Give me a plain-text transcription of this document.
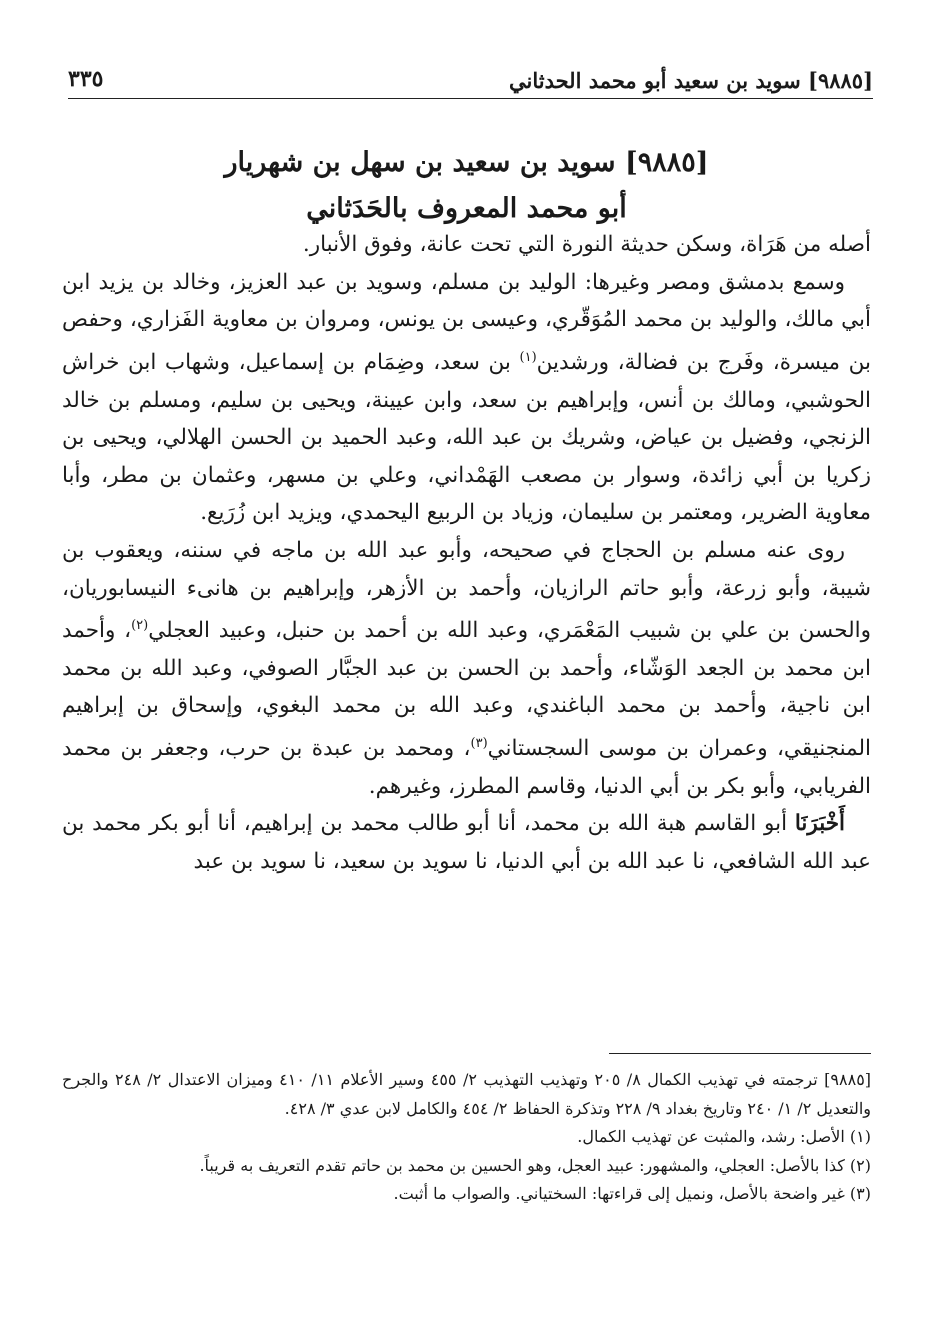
[٩٨٨٥] سويد بن سعيد أبو محمد الحدثاني
٣٣٥
[٩٨٨٥] سويد بن سعيد بن سهل بن شهريار
أبو محمد المعروف بالحَدَثاني

أصله من هَرَاة، وسكن حديثة النورة التي تحت عانة، وفوق الأنبار.

وسمع بدمشق ومصر وغيرها: الوليد بن مسلم، وسويد بن عبد العزيز، وخالد بن يزيد ابن أبي مالك، والوليد بن محمد المُوَقّري، وعيسى بن يونس، ومروان بن معاوية الفَزاري، وحفص بن ميسرة، وفَرج بن فضالة، ورشدين$^{(١)}$ بن سعد، وضِمَام بن إسماعيل، وشهاب ابن خراش الحوشبي، ومالك بن أنس، وإبراهيم بن سعد، وابن عيينة، ويحيى بن سليم، ومسلم بن خالد الزنجي، وفضيل بن عياض، وشريك بن عبد الله، وعبد الحميد بن الحسن الهلالي، ويحيى بن زكريا بن أبي زائدة، وسوار بن مصعب الهَمْداني، وعلي بن مسهر، وعثمان بن مطر، وأبا معاوية الضرير، ومعتمر بن سليمان، وزياد بن الربيع اليحمدي، ويزيد ابن زُرَيع.

روى عنه مسلم بن الحجاج في صحيحه، وأبو عبد الله بن ماجه في سننه، ويعقوب بن شيبة، وأبو زرعة، وأبو حاتم الرازيان، وأحمد بن الأزهر، وإبراهيم بن هانىء النيسابوريان، والحسن بن علي بن شبيب المَعْمَري، وعبد الله بن أحمد بن حنبل، وعبيد العجلي$^{(٢)}$، وأحمد ابن محمد بن الجعد الوَشّاء، وأحمد بن الحسن بن عبد الجبَّار الصوفي، وعبد الله بن محمد ابن ناجية، وأحمد بن محمد الباغندي، وعبد الله بن محمد البغوي، وإسحاق بن إبراهيم المنجنيقي، وعمران بن موسى السجستاني$^{(٣)}$، ومحمد بن عبدة بن حرب، وجعفر بن محمد الفريابي، وأبو بكر بن أبي الدنيا، وقاسم المطرز، وغيرهم.

أَخْبَرَنَا أبو القاسم هبة الله بن محمد، أنا أبو طالب محمد بن إبراهيم، أنا أبو بكر محمد بن عبد الله الشافعي، نا عبد الله بن أبي الدنيا، نا سويد بن سعيد، نا سويد بن عبد

[٩٨٨٥] ترجمته في تهذيب الكمال ٨/ ٢٠٥ وتهذيب التهذيب ٢/ ٤٥٥ وسير الأعلام ١١/ ٤١٠ وميزان الاعتدال ٢/ ٢٤٨ والجرح والتعديل ٢/ ١/ ٢٤٠ وتاريخ بغداد ٩/ ٢٢٨ وتذكرة الحفاظ ٢/ ٤٥٤ والكامل لابن عدي ٣/ ٤٢٨.

(١) الأصل: رشد، والمثبت عن تهذيب الكمال.

(٢) كذا بالأصل: العجلي، والمشهور: عبيد العجل، وهو الحسين بن محمد بن حاتم تقدم التعريف به قريباً.

(٣) غير واضحة بالأصل، ونميل إلى قراءتها: السختياني. والصواب ما أثبت.
